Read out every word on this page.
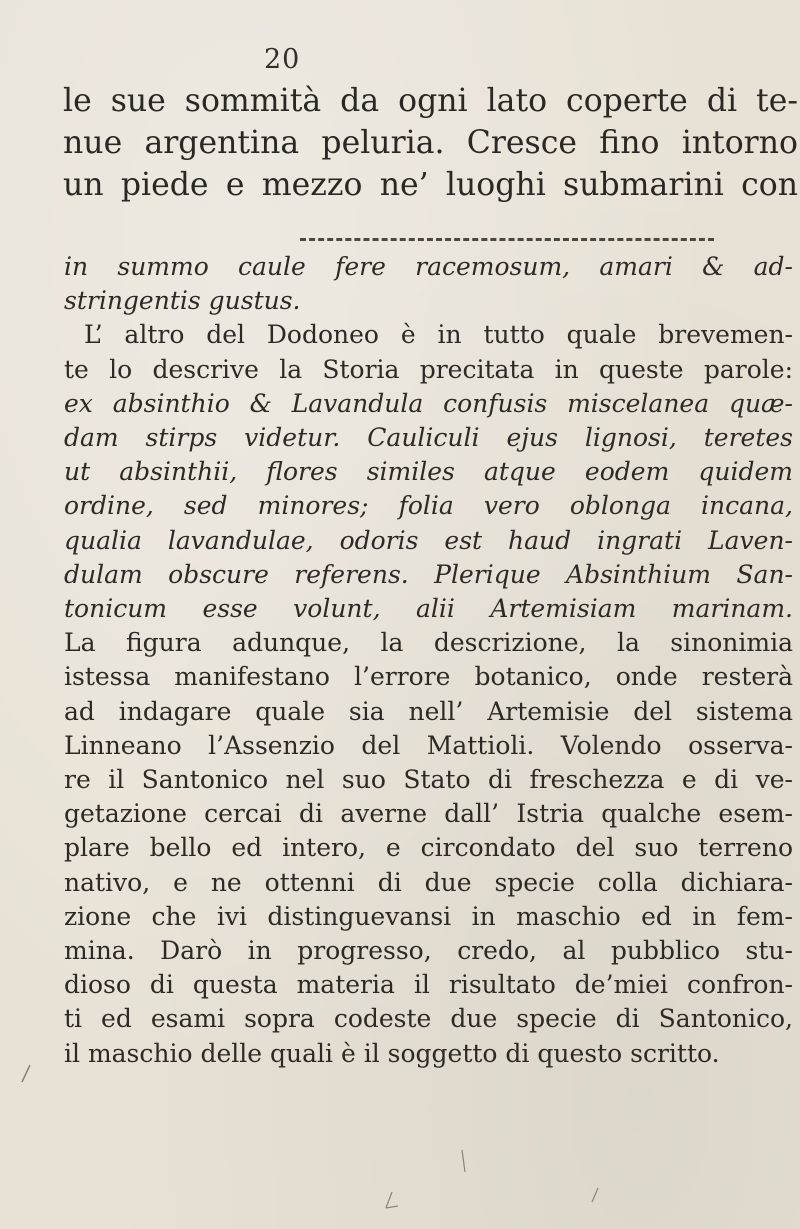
20
le sue sommità da ogni lato coperte di te-
nue argentina peluria. Cresce fino intorno
un piede e mezzo ne’ luoghi submarini con
in summo caule fere racemosum, amari & ad-
stringentis gustus.
L’ altro del Dodoneo è in tutto quale brevemen-
te lo descrive la Storia precitata in queste parole:
ex absinthio & Lavandula confusis miscelanea quæ-
dam stirps videtur. Cauliculi ejus lignosi, teretes
ut absinthii, flores similes atque eodem quidem
ordine, sed minores; folia vero oblonga incana,
qualia lavandulae, odoris est haud ingrati Laven-
dulam obscure referens. Plerique Absinthium San-
tonicum esse volunt, alii Artemisiam marinam.
La figura adunque, la descrizione, la sinonimia
istessa manifestano l’errore botanico, onde resterà
ad indagare quale sia nell’ Artemisie del sistema
Linneano l’Assenzio del Mattioli. Volendo osserva-
re il Santonico nel suo Stato di freschezza e di ve-
getazione cercai di averne dall’ Istria qualche esem-
plare bello ed intero, e circondato del suo terreno
nativo, e ne ottenni di due specie colla dichiara-
zione che ivi distinguevansi in maschio ed in fem-
mina. Darò in progresso, credo, al pubblico stu-
dioso di questa materia il risultato de’miei confron-
ti ed esami sopra codeste due specie di Santonico,
il maschio delle quali è il soggetto di questo scritto.
